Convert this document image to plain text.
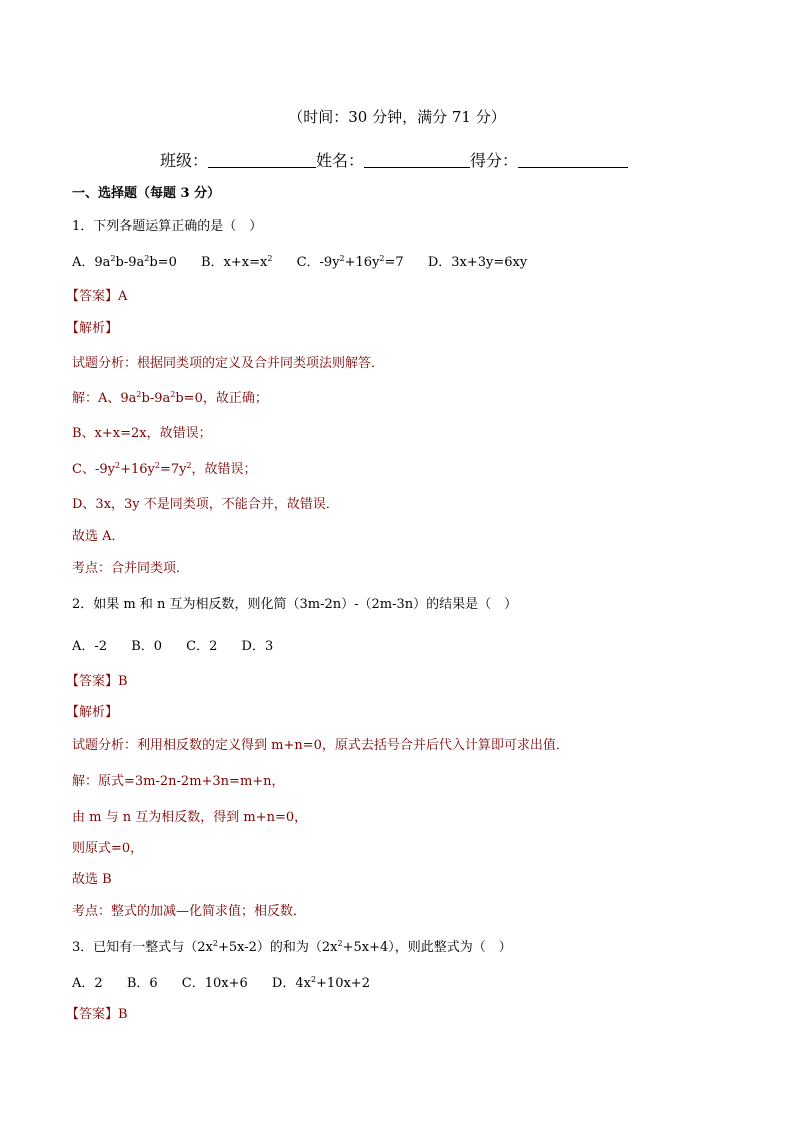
（时间：30 分钟，满分 71 分）
班级：	姓名：	得分：
一、选择题（每题 3 分）
1．下列各题运算正确的是（　）
A．$9a^2b-9a^2b=0$ B．$x+x=x^2$ C．$-9y^2+16y^2=7$ D．3x+3y=6xy
【答案】A
【解析】
试题分析：根据同类项的定义及合并同类项法则解答．
解：A、$9a^2b-9a^2b=0$，故正确；
B、x+x=2x，故错误；
C、$-9y^2+16y^2=7y^2$，故错误；
D、3x，3y 不是同类项，不能合并，故错误．
故选 A．
考点：合并同类项．
2．如果 m 和 n 互为相反数，则化简（3m-2n）-（2m-3n）的结果是（　）
A．-2 B．0 C．2 D．3
【答案】B
【解析】
试题分析：利用相反数的定义得到 m+n=0，原式去括号合并后代入计算即可求出值．
解：原式=3m-2n-2m+3n=m+n，
由 m 与 n 互为相反数，得到 m+n=0，
则原式=0，
故选 B
考点：整式的加减—化简求值；相反数．
3．已知有一整式与$(2x^2+5x-2)$的和为$(2x^2+5x+4)$，则此整式为（　）
A．2 B．6 C．10x+6 D．$4x^2+10x+2$
【答案】B
